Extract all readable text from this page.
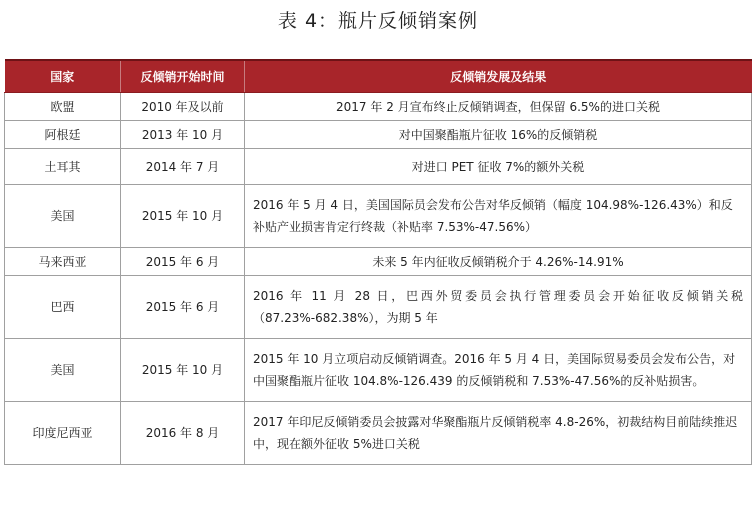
表 4：瓶片反倾销案例
国家	反倾销开始时间	反倾销发展及结果
欧盟	2010 年及以前	2017 年 2 月宣布终止反倾销调查，但保留 6.5%的进口关税
阿根廷	2013 年 10 月	对中国聚酯瓶片征收 16%的反倾销税
土耳其	2014 年 7 月	对进口 PET 征收 7%的额外关税
美国	2015 年 10 月	2016 年 5 月 4 日，美国国际员会发布公告对华反倾销（幅度 104.98%-126.43%）和反补贴产业损害肯定行终裁（补贴率 7.53%-47.56%）
马来西亚	2015 年 6 月	未来 5 年内征收反倾销税介于 4.26%-14.91%
巴西	2015 年 6 月	2016 年 11 月 28 日，巴西外贸委员会执行管理委员会开始征收反倾销关税（87.23%-682.38%），为期 5 年
美国	2015 年 10 月	2015 年 10 月立项启动反倾销调查。2016 年 5 月 4 日，美国际贸易委员会发布公告，对中国聚酯瓶片征收 104.8%-126.439 的反倾销税和 7.53%-47.56%的反补贴损害。
印度尼西亚	2016 年 8 月	2017 年印尼反倾销委员会披露对华聚酯瓶片反倾销税率 4.8-26%，初裁结构目前陆续推迟中，现在额外征收 5%进口关税
